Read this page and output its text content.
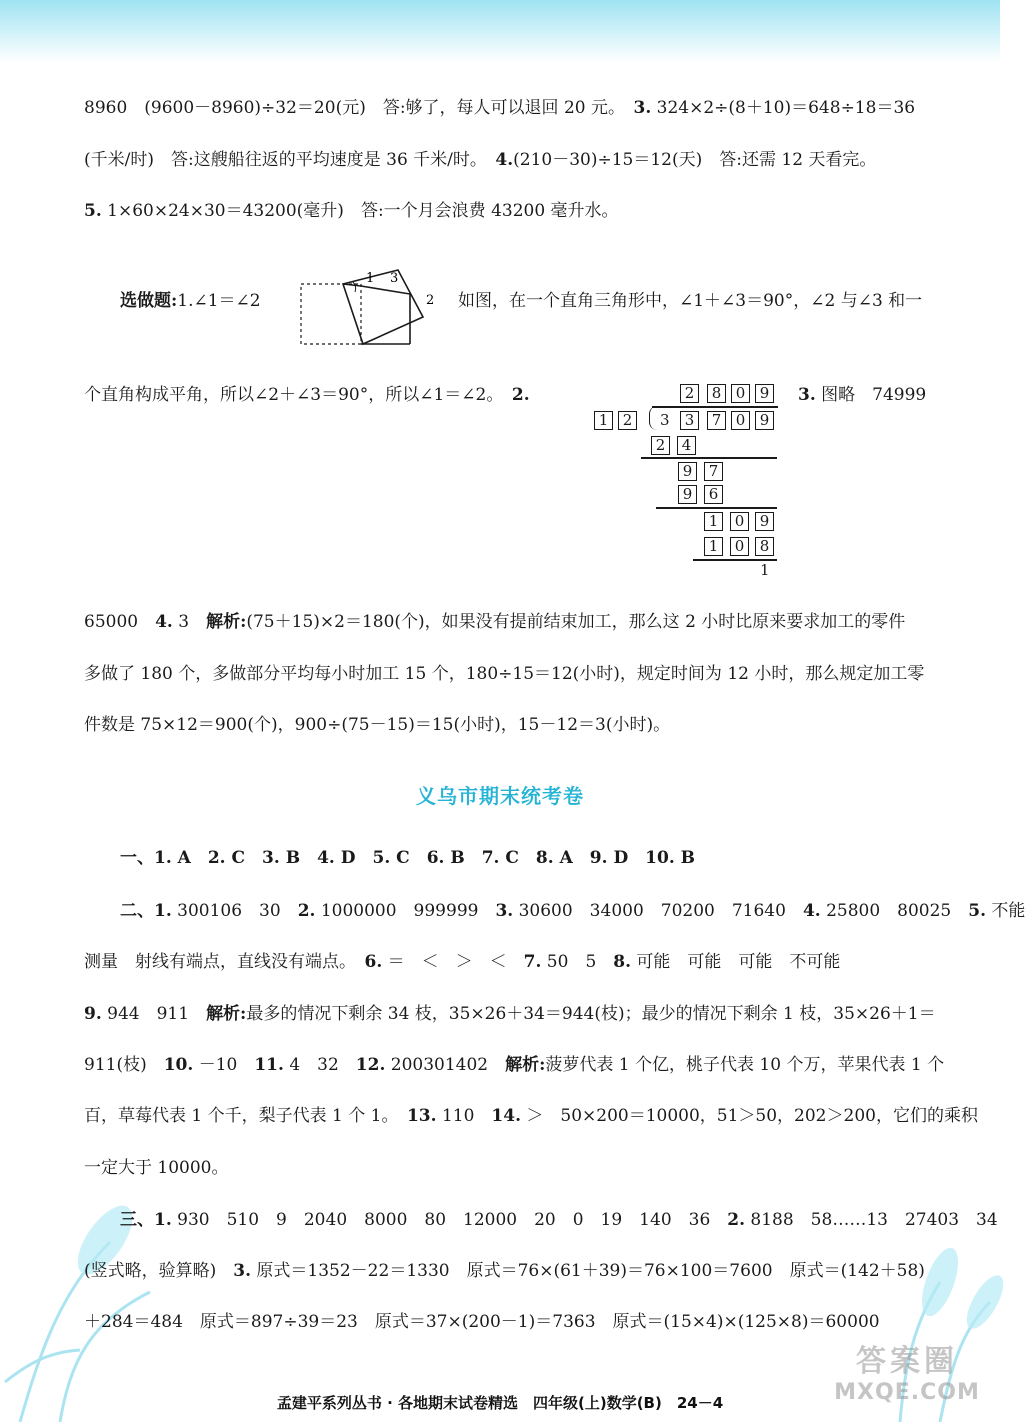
8960　(9600－8960)÷32＝20(元)　答:够了，每人可以退回 20 元。　3. 324×2÷(8＋10)＝648÷18＝36
(千米/时)　答:这艘船往返的平均速度是 36 千米/时。　4.(210－30)÷15＝12(天)　答:还需 12 天看完。
5. 1×60×24×30＝43200(毫升)　答:一个月会浪费 43200 毫升水。
选做题:1.∠1＝∠2
1 3
2 如图，在一个直角三角形中，∠1＋∠3＝90°，∠2 与∠3 和一
个直角构成平角，所以∠2＋∠3＝90°，所以∠1＝∠2。　2.	3. 图略　74999
2	8 0 9
1 2	3	3	7 0 9
2	4
9	7
9	6
1	0	9
1	0	8
1
65000　4. 3　解析:(75＋15)×2＝180(个)，如果没有提前结束加工，那么这 2 小时比原来要求加工的零件
多做了 180 个，多做部分平均每小时加工 15 个，180÷15＝12(小时)，规定时间为 12 小时，那么规定加工零
件数是 75×12＝900(个)，900÷(75－15)＝15(小时)，15－12＝3(小时)。
义乌市期末统考卷
一、1. A　2. C　3. B　4. D　5. C　6. B　7. C　8. A　9. D　10. B
二、1. 300106　30　2. 1000000　999999　3. 30600　34000　70200　71640　4. 25800　80025　5. 不能
测量　射线有端点，直线没有端点。　6. ＝　＜　＞　＜　7. 50　5　8. 可能　可能　可能　不可能
9. 944　911　解析:最多的情况下剩余 34 枝，35×26＋34＝944(枝)；最少的情况下剩余 1 枝，35×26＋1＝
911(枝)　10. －10　11. 4　32　12. 200301402　解析:菠萝代表 1 个亿，桃子代表 10 个万，苹果代表 1 个
百，草莓代表 1 个千，梨子代表 1 个 1。　13. 110　14. ＞　50×200＝10000，51＞50，202＞200，它们的乘积
一定大于 10000。
三、1. 930　510　9　2040　8000　80　12000　20　0　19　140　36　2. 8188　58……13　27403　34
(竖式略，验算略)　3. 原式＝1352－22＝1330　原式＝76×(61＋39)＝76×100＝7600　原式＝(142＋58)
＋284＝484　原式＝897÷39＝23　原式＝37×(200－1)＝7363　原式＝(15×4)×(125×8)＝60000
答案圈
MXQE.COM
孟建平系列丛书 · 各地期末试卷精选　四年级(上)数学(B)　24－4
